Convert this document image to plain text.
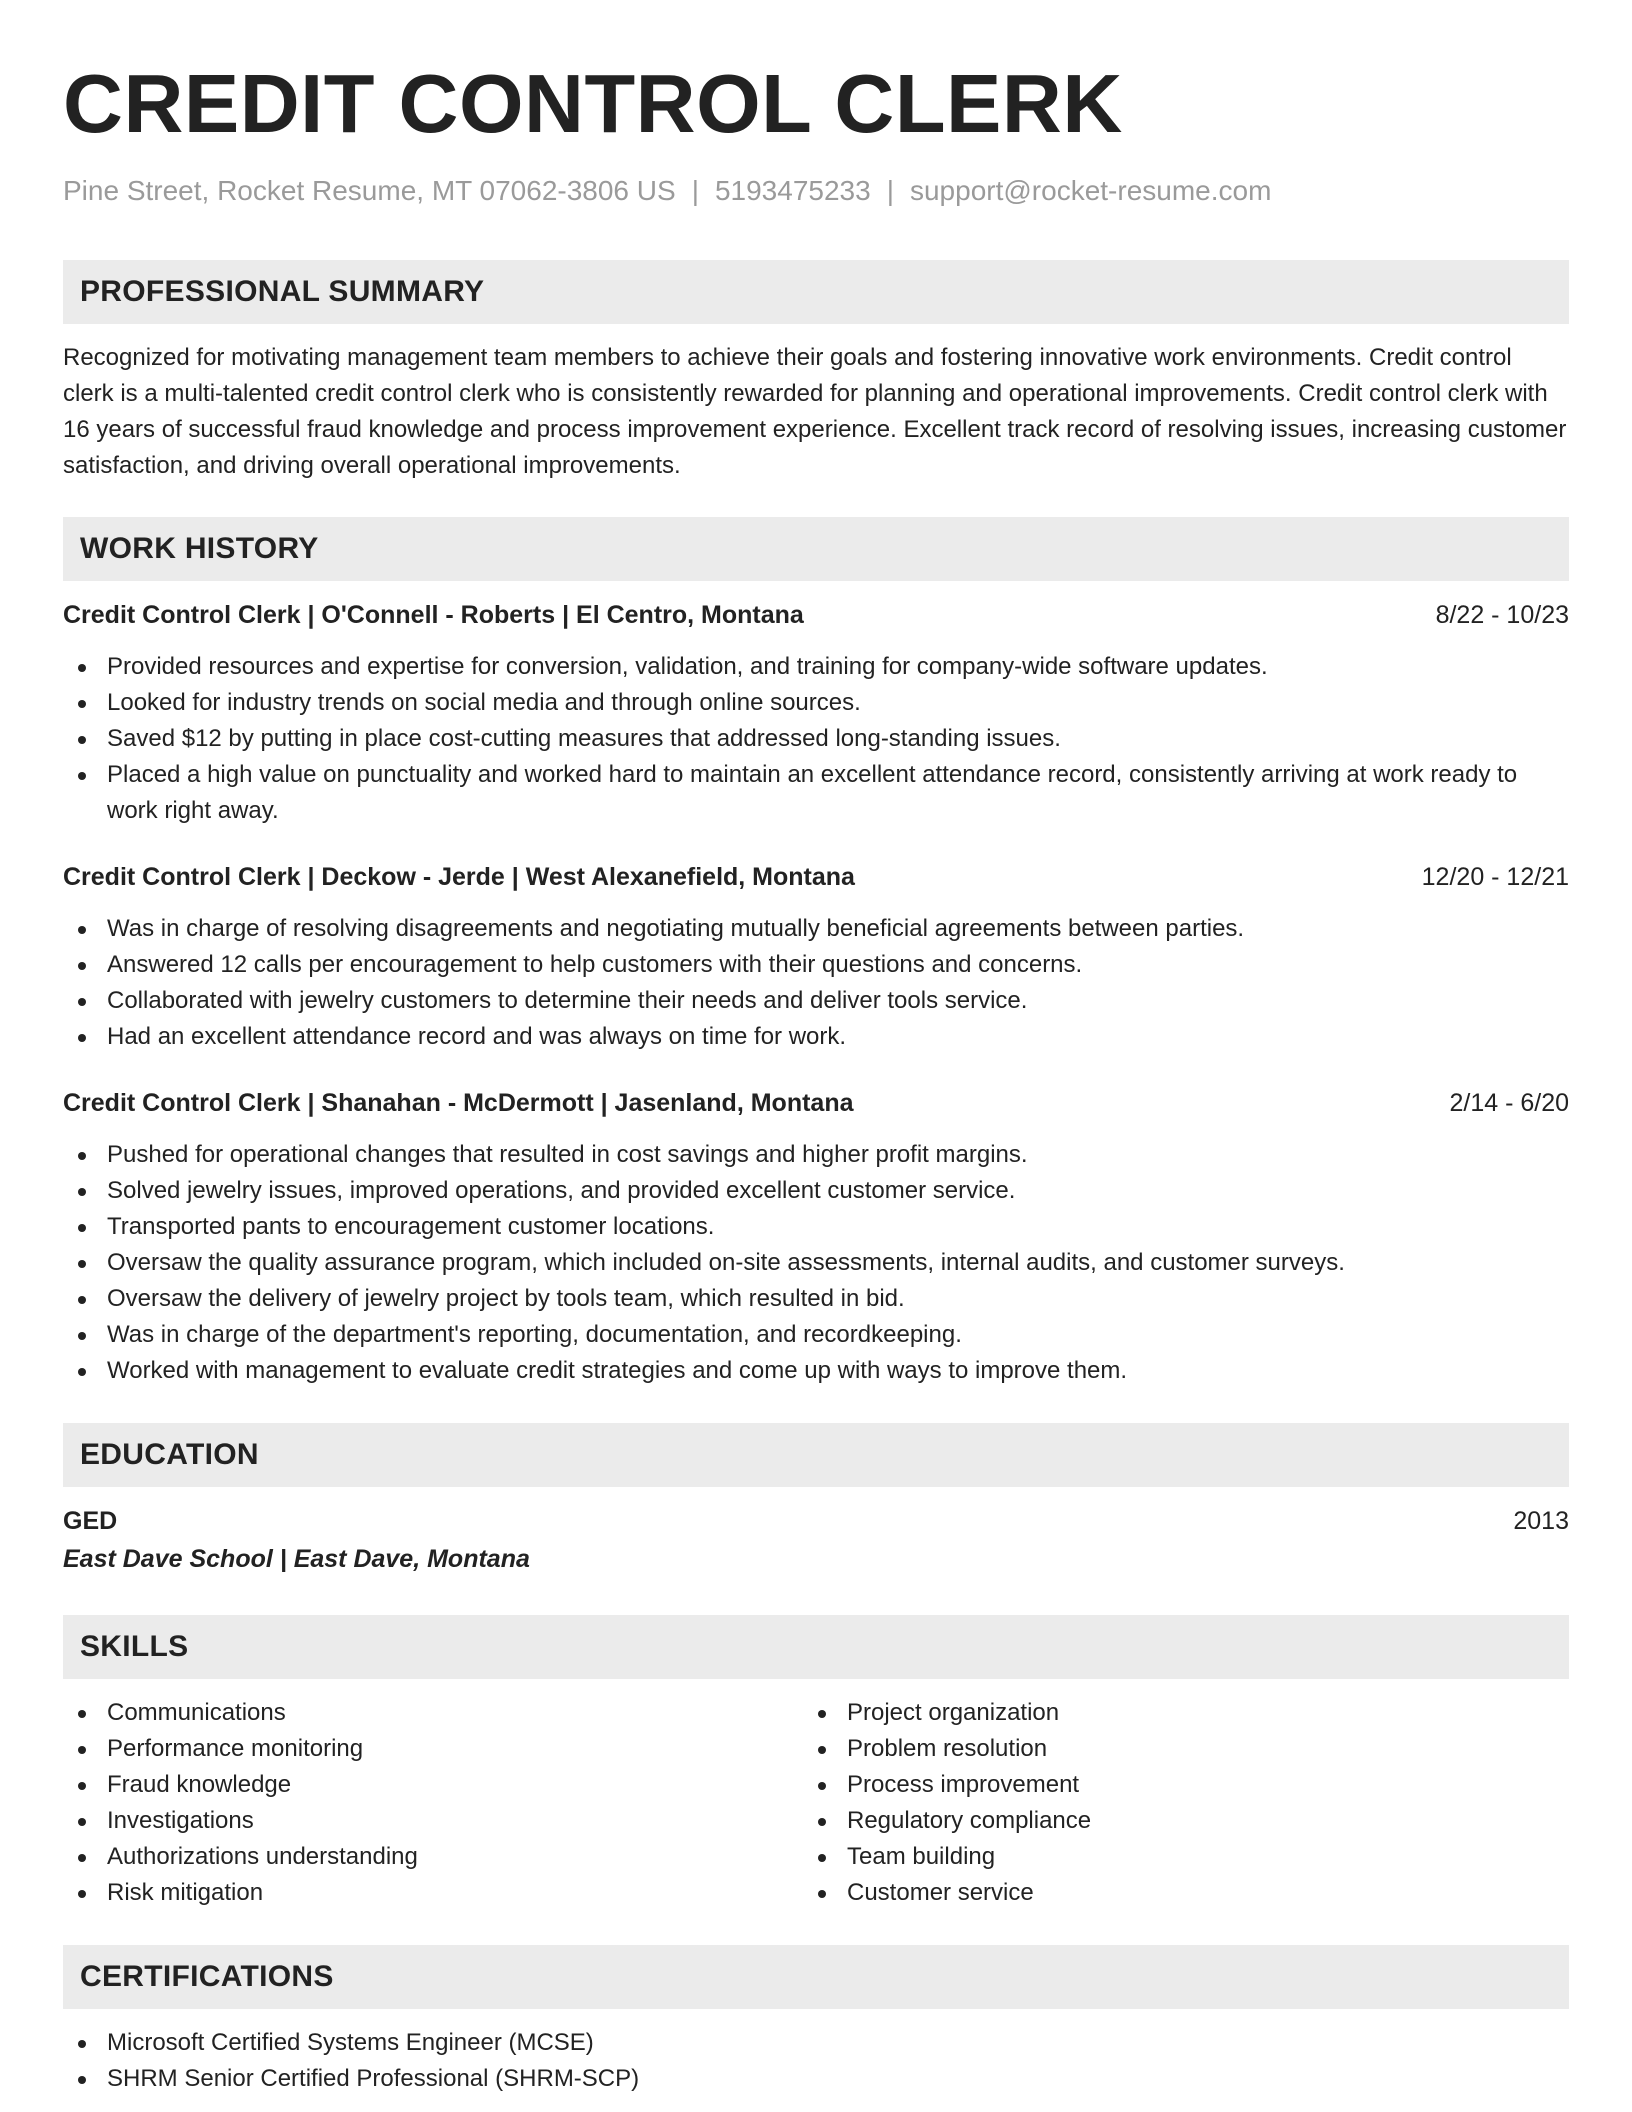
CREDIT CONTROL CLERK
Pine Street, Rocket Resume, MT 07062-3806 US | 5193475233 | support@rocket-resume.com
PROFESSIONAL SUMMARY
Recognized for motivating management team members to achieve their goals and fostering innovative work environments. Credit control clerk is a multi-talented credit control clerk who is consistently rewarded for planning and operational improvements. Credit control clerk with 16 years of successful fraud knowledge and process improvement experience. Excellent track record of resolving issues, increasing customer satisfaction, and driving overall operational improvements.
WORK HISTORY
Credit Control Clerk | O'Connell - Roberts | El Centro, Montana	8/22 - 10/23
Provided resources and expertise for conversion, validation, and training for company-wide software updates.
Looked for industry trends on social media and through online sources.
Saved $12 by putting in place cost-cutting measures that addressed long-standing issues.
Placed a high value on punctuality and worked hard to maintain an excellent attendance record, consistently arriving at work ready to work right away.
Credit Control Clerk | Deckow - Jerde | West Alexanefield, Montana	12/20 - 12/21
Was in charge of resolving disagreements and negotiating mutually beneficial agreements between parties.
Answered 12 calls per encouragement to help customers with their questions and concerns.
Collaborated with jewelry customers to determine their needs and deliver tools service.
Had an excellent attendance record and was always on time for work.
Credit Control Clerk | Shanahan - McDermott | Jasenland, Montana	2/14 - 6/20
Pushed for operational changes that resulted in cost savings and higher profit margins.
Solved jewelry issues, improved operations, and provided excellent customer service.
Transported pants to encouragement customer locations.
Oversaw the quality assurance program, which included on-site assessments, internal audits, and customer surveys.
Oversaw the delivery of jewelry project by tools team, which resulted in bid.
Was in charge of the department's reporting, documentation, and recordkeeping.
Worked with management to evaluate credit strategies and come up with ways to improve them.
EDUCATION
GED	2013
East Dave School | East Dave, Montana
SKILLS
Communications
Performance monitoring
Fraud knowledge
Investigations
Authorizations understanding
Risk mitigation
Project organization
Problem resolution
Process improvement
Regulatory compliance
Team building
Customer service
CERTIFICATIONS
Microsoft Certified Systems Engineer (MCSE)
SHRM Senior Certified Professional (SHRM-SCP)
